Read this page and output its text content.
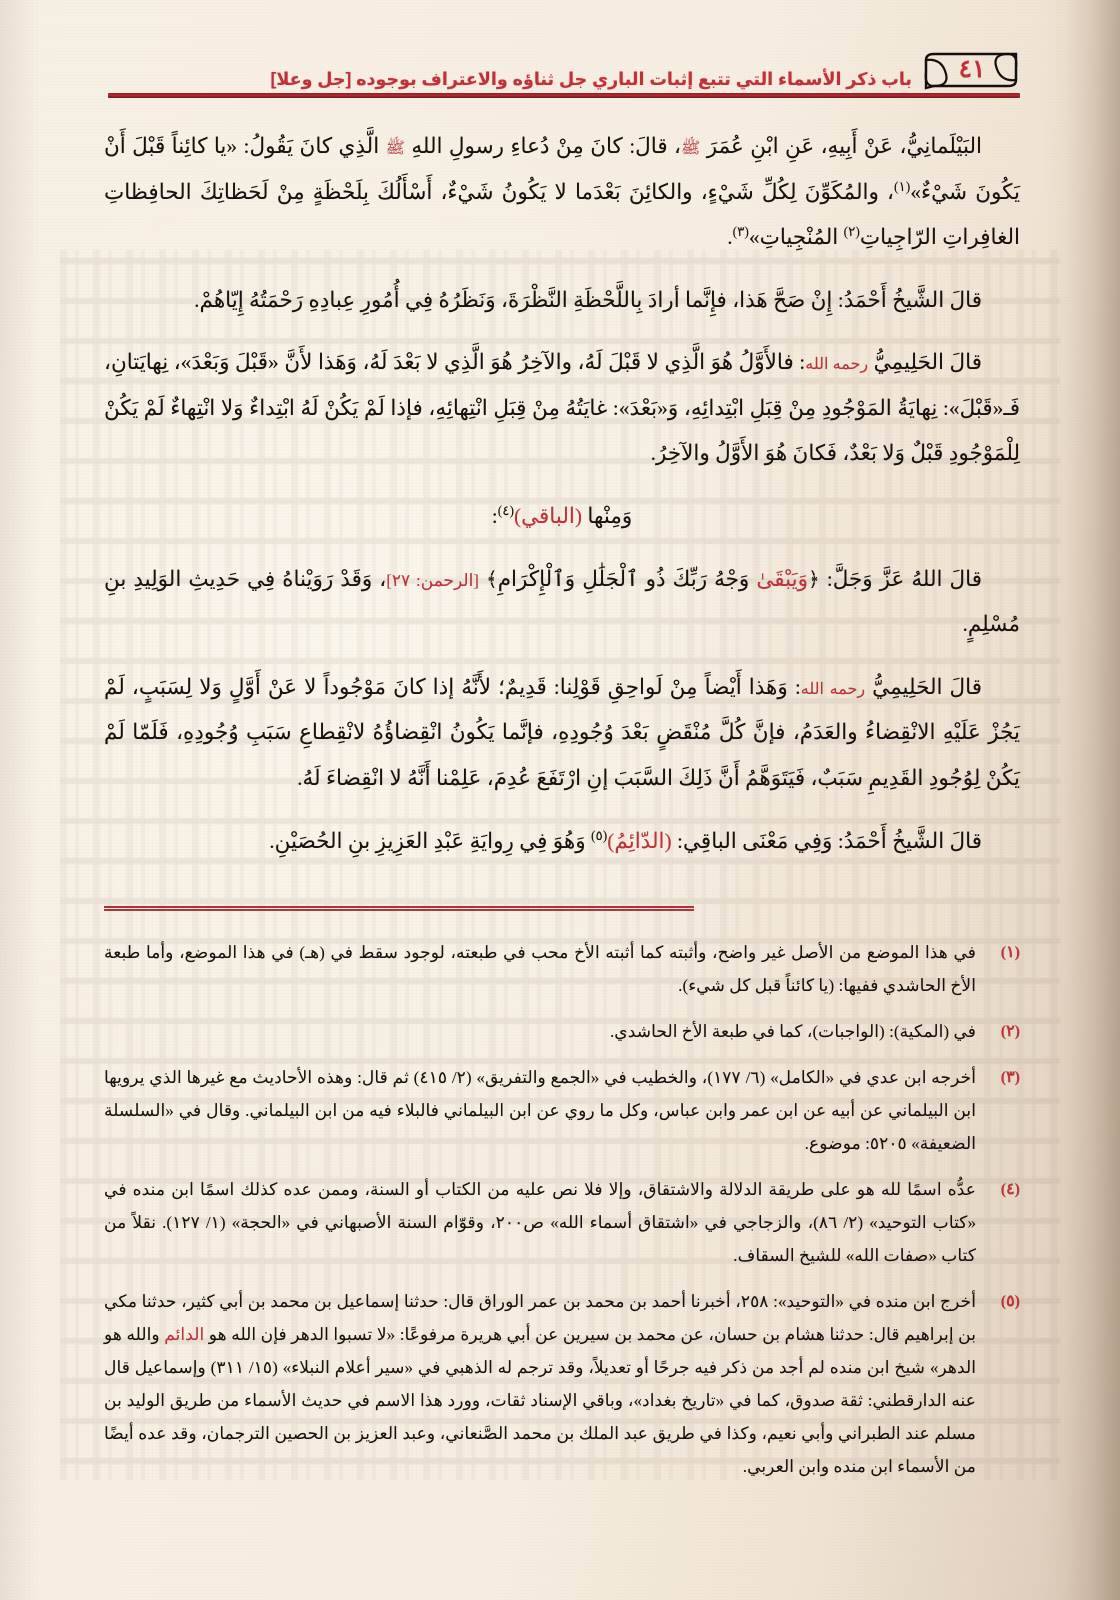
باب ذكر الأسماء التي تتبع إثبات الباري جل ثناؤه والاعتراف بوجوده [جل وعلا]	٤١

البَيْلَمانِيُّ، عَنْ أَبِيهِ، عَنِ ابْنِ عُمَرَ ﷺ، قالَ: كانَ مِنْ دُعاءِ رسولِ اللهِ ﷺ الَّذِي كانَ يَقُولُ: «يا كائِناً قَبْلَ أَنْ يَكُونَ شَيْءٌ»$^{(١)}$، والمُكَوِّنَ لِكُلِّ شَيْءٍ، والكائِنَ بَعْدَما لا يَكُونُ شَيْءٌ، أَسْأَلُكَ بِلَحْظَةٍ مِنْ لَحَظاتِكَ الحافِظاتِ الغافِراتِ الرّاجِياتِ$^{(٢)}$ المُنْجِياتِ»$^{(٣)}$.

قالَ الشَّيخُ أَحْمَدُ: إِنْ صَحَّ هَذا، فإِنَّما أرادَ بِاللَّحْظَةِ النَّظْرَةَ، وَنَظَرُهُ فِي أُمُورِ عِبادِهِ رَحْمَتُهُ إِيّاهُمْ.

قالَ الحَلِيمِيُّ رحمه الله: فالأَوَّلُ هُوَ الَّذِي لا قَبْلَ لَهُ، والآخِرُ هُوَ الَّذِي لا بَعْدَ لَهُ، وَهَذا لأَنَّ «قَبْلَ وَبَعْدَ»، نِهايَتانِ، فَـ«قَبْلَ»: نِهايَةُ المَوْجُودِ مِنْ قِبَلِ ابْتِدائِهِ، وَ«بَعْدَ»: غايَتُهُ مِنْ قِبَلِ انْتِهائِهِ، فإذا لَمْ يَكُنْ لَهُ ابْتِداءٌ وَلا انْتِهاءٌ لَمْ يَكُنْ لِلْمَوْجُودِ قَبْلٌ وَلا بَعْدٌ، فَكانَ هُوَ الأَوَّلُ والآخِرُ.

وَمِنْها (الباقي)$^{(٤)}$:

قالَ اللهُ عَزَّ وَجَلَّ: ﴿وَيَبْقَىٰ وَجْهُ رَبِّكَ ذُو ٱلْجَلَٰلِ وَٱلْإِكْرَامِ﴾ [الرحمن: ٢٧]، وَقَدْ رَوَيْناهُ فِي حَدِيثِ الوَلِيدِ بنِ مُسْلِمٍ.

قالَ الحَلِيمِيُّ رحمه الله: وَهَذا أَيْضاً مِنْ لَواحِقِ قَوْلِنا: قَدِيمٌ؛ لأَنَّهُ إذا كانَ مَوْجُوداً لا عَنْ أَوَّلٍ وَلا لِسَبَبٍ، لَمْ يَجُزْ عَلَيْهِ الانْقِضاءُ والعَدَمُ، فإنَّ كُلَّ مُنْقَضٍ بَعْدَ وُجُودِهِ، فإنَّما يَكُونُ انْقِضاؤُهُ لانْقِطاعِ سَبَبِ وُجُودِهِ، فَلَمّا لَمْ يَكُنْ لِوُجُودِ القَدِيمِ سَبَبٌ، فَيَتَوَهَّمُ أَنَّ ذَلِكَ السَّبَبَ إنِ ارْتَفَعَ عُدِمَ، عَلِمْنا أَنَّهُ لا انْقِضاءَ لَهُ.

قالَ الشَّيخُ أَحْمَدُ: وَفِي مَعْنَى الباقِي: (الدّائِمُ)$^{(٥)}$ وَهُوَ فِي رِوايَةِ عَبْدِ العَزِيزِ بنِ الحُصَيْنِ.

(١)
في هذا الموضع من الأصل غير واضح، وأثبته كما أثبته الأخ محب في طبعته، لوجود سقط في (هـ) في هذا الموضع، وأما طبعة الأخ الحاشدي ففيها: (يا كائناً قبل كل شيء).
(٢)
في (المكية): (الواجبات)، كما في طبعة الأخ الحاشدي.
(٣)
أخرجه ابن عدي في «الكامل» (٦/ ١٧٧)، والخطيب في «الجمع والتفريق» (٢/ ٤١٥) ثم قال: وهذه الأحاديث مع غيرها الذي يرويها ابن البيلماني عن أبيه عن ابن عمر وابن عباس، وكل ما روي عن ابن البيلماني فالبلاء فيه من ابن البيلماني. وقال في «السلسلة الضعيفة» ٥٢٠٥: موضوع.
(٤)
عدُّه اسمًا لله هو على طريقة الدلالة والاشتقاق، وإلا فلا نص عليه من الكتاب أو السنة، وممن عده كذلك اسمًا ابن منده في «كتاب التوحيد» (٢/ ٨٦)، والزجاجي في «اشتقاق أسماء الله» ص٢٠٠، وقوّام السنة الأصبهاني في «الحجة» (١/ ١٢٧). نقلاً من كتاب «صفات الله» للشيخ السقاف.
(٥)
أخرج ابن منده في «التوحيد»: ٢٥٨، أخبرنا أحمد بن محمد بن عمر الوراق قال: حدثنا إسماعيل بن محمد بن أبي كثير، حدثنا مكي بن إبراهيم قال: حدثنا هشام بن حسان، عن محمد بن سيرين عن أبي هريرة مرفوعًا: «لا تسبوا الدهر فإن الله هو الدائم والله هو الدهر» شيخ ابن منده لم أجد من ذكر فيه جرحًا أو تعديلاً، وقد ترجم له الذهبي في «سير أعلام النبلاء» (١٥/ ٣١١) وإسماعيل قال عنه الدارقطني: ثقة صدوق، كما في «تاريخ بغداد»، وباقي الإسناد ثقات، وورد هذا الاسم في حديث الأسماء من طريق الوليد بن مسلم عند الطبراني وأبي نعيم، وكذا في طريق عبد الملك بن محمد الصَّنعاني، وعبد العزيز بن الحصين الترجمان، وقد عده أيضًا من الأسماء ابن منده وابن العربي.
